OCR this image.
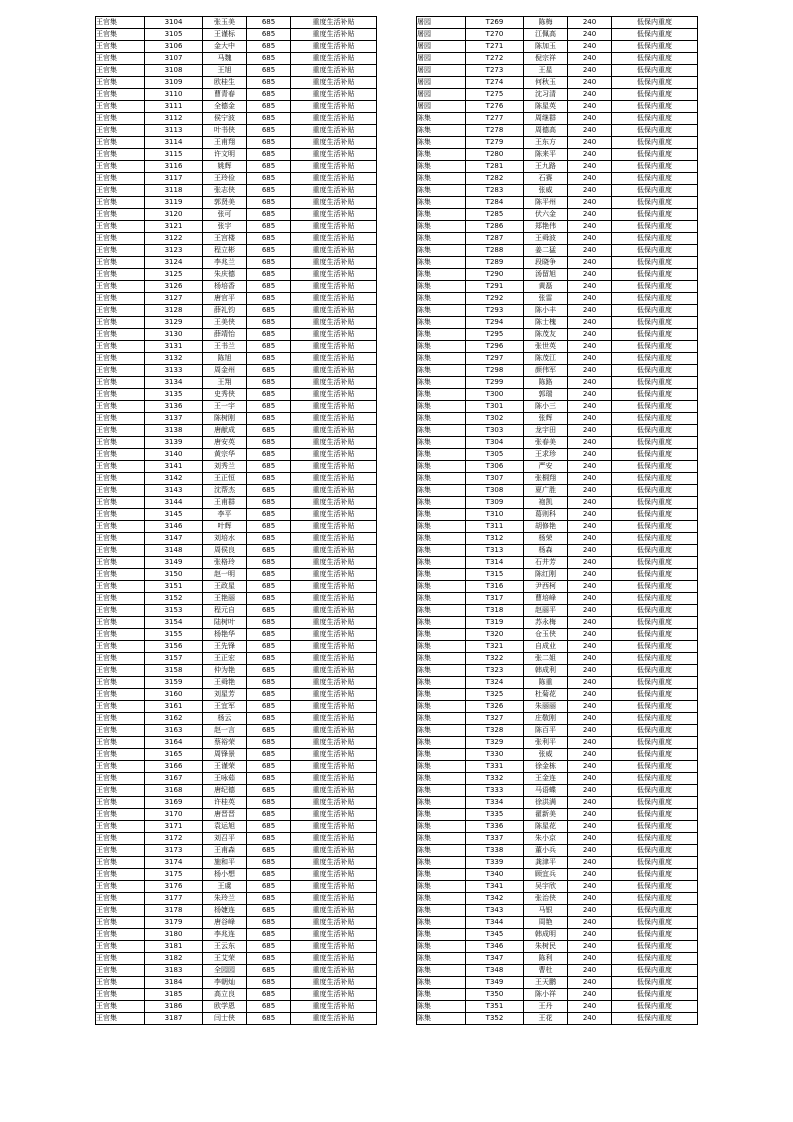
王官集	3104	张玉美	685	重度生活补贴
王官集	3105	王谨标	685	重度生活补贴
王官集	3106	金大中	685	重度生活补贴
王官集	3107	马魏	685	重度生活补贴
王官集	3108	王旭	685	重度生活补贴
王官集	3109	欧桂生	685	重度生活补贴
王官集	3110	曹青春	685	重度生活补贴
王官集	3111	全德金	685	重度生活补贴
王官集	3112	侯宁波	685	重度生活补贴
王官集	3113	叶书侠	685	重度生活补贴
王官集	3114	王甫翔	685	重度生活补贴
王官集	3115	许文明	685	重度生活补贴
王官集	3116	姚辉	685	重度生活补贴
王官集	3117	王玲俭	685	重度生活补贴
王官集	3118	张志侠	685	重度生活补贴
王官集	3119	郭贤美	685	重度生活补贴
王官集	3120	张可	685	重度生活补贴
王官集	3121	张宇	685	重度生活补贴
王官集	3122	王宫楼	685	重度生活补贴
王官集	3123	程立彬	685	重度生活补贴
王官集	3124	李兆兰	685	重度生活补贴
王官集	3125	朱庆德	685	重度生活补贴
王官集	3126	杨培香	685	重度生活补贴
王官集	3127	唐官平	685	重度生活补贴
王官集	3128	薛礼钧	685	重度生活补贴
王官集	3129	王美侠	685	重度生活补贴
王官集	3130	薛靖怡	685	重度生活补贴
王官集	3131	王书兰	685	重度生活补贴
王官集	3132	陈旭	685	重度生活补贴
王官集	3133	周金州	685	重度生活补贴
王官集	3134	王翔	685	重度生活补贴
王官集	3135	史秀侠	685	重度生活补贴
王官集	3136	王一宇	685	重度生活补贴
王官集	3137	陈树刚	685	重度生活补贴
王官集	3138	唐献成	685	重度生活补贴
王官集	3139	唐安英	685	重度生活补贴
王官集	3140	黄宗华	685	重度生活补贴
王官集	3141	刘秀兰	685	重度生活补贴
王官集	3142	王正恒	685	重度生活补贴
王官集	3143	沈帮杰	685	重度生活补贴
王官集	3144	王甫群	685	重度生活补贴
王官集	3145	李平	685	重度生活补贴
王官集	3146	叶辉	685	重度生活补贴
王官集	3147	刘培水	685	重度生活补贴
王官集	3148	周侯良	685	重度生活补贴
王官集	3149	张格玲	685	重度生活补贴
王官集	3150	赵一明	685	重度生活补贴
王官集	3151	王政星	685	重度生活补贴
王官集	3152	王艳丽	685	重度生活补贴
王官集	3153	程元自	685	重度生活补贴
王官集	3154	陆树叶	685	重度生活补贴
王官集	3155	杨艳华	685	重度生活补贴
王官集	3156	王先锋	685	重度生活补贴
王官集	3157	王正宏	685	重度生活补贴
王官集	3158	仲为艳	685	重度生活补贴
王官集	3159	王舜艳	685	重度生活补贴
王官集	3160	刘星芳	685	重度生活补贴
王官集	3161	王宜军	685	重度生活补贴
王官集	3162	杨云	685	重度生活补贴
王官集	3163	赵一言	685	重度生活补贴
王官集	3164	蔡裕荣	685	重度生活补贴
王官集	3165	周锋景	685	重度生活补贴
王官集	3166	王谨荣	685	重度生活补贴
王官集	3167	王咏茹	685	重度生活补贴
王官集	3168	唐纪德	685	重度生活补贴
王官集	3169	许桂英	685	重度生活补贴
王官集	3170	唐晋晋	685	重度生活补贴
王官集	3171	袁运旭	685	重度生活补贴
王官集	3172	刘召平	685	重度生活补贴
王官集	3173	王甫森	685	重度生活补贴
王官集	3174	施和平	685	重度生活补贴
王官集	3175	杨小想	685	重度生活补贴
王官集	3176	王虞	685	重度生活补贴
王官集	3177	朱玲兰	685	重度生活补贴
王官集	3178	杨婕连	685	重度生活补贴
王官集	3179	唐谷峰	685	重度生活补贴
王官集	3180	李兆连	685	重度生活补贴
王官集	3181	王云东	685	重度生活补贴
王官集	3182	王艾荣	685	重度生活补贴
王官集	3183	全园园	685	重度生活补贴
王官集	3184	李朝灿	685	重度生活补贴
王官集	3185	高立良	685	重度生活补贴
王官集	3186	欧学恩	685	重度生活补贴
王官集	3187	闫士侠	685	重度生活补贴
屠园	T269	陈梅	240	低保内重度
屠园	T270	江佩高	240	低保内重度
屠园	T271	陈加玉	240	低保内重度
屠园	T272	倪宗祥	240	低保内重度
屠园	T273	王星	240	低保内重度
屠园	T274	何秋玉	240	低保内重度
屠园	T275	沈习清	240	低保内重度
屠园	T276	陈星英	240	低保内重度
陈集	T277	周继群	240	低保内重度
陈集	T278	周德高	240	低保内重度
陈集	T279	王东方	240	低保内重度
陈集	T280	陈来平	240	低保内重度
陈集	T281	王九路	240	低保内重度
陈集	T282	石赛	240	低保内重度
陈集	T283	张威	240	低保内重度
陈集	T284	陈平州	240	低保内重度
陈集	T285	伏六金	240	低保内重度
陈集	T286	郑艳伟	240	低保内重度
陈集	T287	王舜波	240	低保内重度
陈集	T288	姜二猛	240	低保内重度
陈集	T289	段晓争	240	低保内重度
陈集	T290	汤留旭	240	低保内重度
陈集	T291	黄磊	240	低保内重度
陈集	T292	张雷	240	低保内重度
陈集	T293	陈小丰	240	低保内重度
陈集	T294	陈士槐	240	低保内重度
陈集	T295	陈茂友	240	低保内重度
陈集	T296	张世英	240	低保内重度
陈集	T297	陈茂江	240	低保内重度
陈集	T298	颜伟军	240	低保内重度
陈集	T299	陈路	240	低保内重度
陈集	T300	郭瑞	240	低保内重度
陈集	T301	陈小三	240	低保内重度
陈集	T302	张辉	240	低保内重度
陈集	T303	龙宇田	240	低保内重度
陈集	T304	张春美	240	低保内重度
陈集	T305	王求珍	240	低保内重度
陈集	T306	严安	240	低保内重度
陈集	T307	张桐翔	240	低保内重度
陈集	T308	夏广胜	240	低保内重度
陈集	T309	袍凯	240	低保内重度
陈集	T310	葛则科	240	低保内重度
陈集	T311	胡修艳	240	低保内重度
陈集	T312	杨荣	240	低保内重度
陈集	T313	杨森	240	低保内重度
陈集	T314	石井芳	240	低保内重度
陈集	T315	陈红刚	240	低保内重度
陈集	T316	尹西柯	240	低保内重度
陈集	T317	曹培峰	240	低保内重度
陈集	T318	赵丽平	240	低保内重度
陈集	T319	苏永梅	240	低保内重度
陈集	T320	仓玉侠	240	低保内重度
陈集	T321	自成业	240	低保内重度
陈集	T322	张二姐	240	低保内重度
陈集	T323	韩成利	240	低保内重度
陈集	T324	陈重	240	低保内重度
陈集	T325	杜菊花	240	低保内重度
陈集	T326	朱丽丽	240	低保内重度
陈集	T327	庄敬刚	240	低保内重度
陈集	T328	陈百平	240	低保内重度
陈集	T329	张利平	240	低保内重度
陈集	T330	张威	240	低保内重度
陈集	T331	徐金栋	240	低保内重度
陈集	T332	王金连	240	低保内重度
陈集	T333	马语蝶	240	低保内重度
陈集	T334	徐洪满	240	低保内重度
陈集	T335	翟新美	240	低保内重度
陈集	T336	陈星花	240	低保内重度
陈集	T337	朱小京	240	低保内重度
陈集	T338	董小兵	240	低保内重度
陈集	T339	龚津平	240	低保内重度
陈集	T340	顾宜兵	240	低保内重度
陈集	T341	吴宇欣	240	低保内重度
陈集	T342	张治侠	240	低保内重度
陈集	T343	马银	240	低保内重度
陈集	T344	周艳	240	低保内重度
陈集	T345	韩成明	240	低保内重度
陈集	T346	朱树民	240	低保内重度
陈集	T347	陈利	240	低保内重度
陈集	T348	曹杜	240	低保内重度
陈集	T349	王天鹏	240	低保内重度
陈集	T350	陈小祥	240	低保内重度
陈集	T351	王丹	240	低保内重度
陈集	T352	王花	240	低保内重度
